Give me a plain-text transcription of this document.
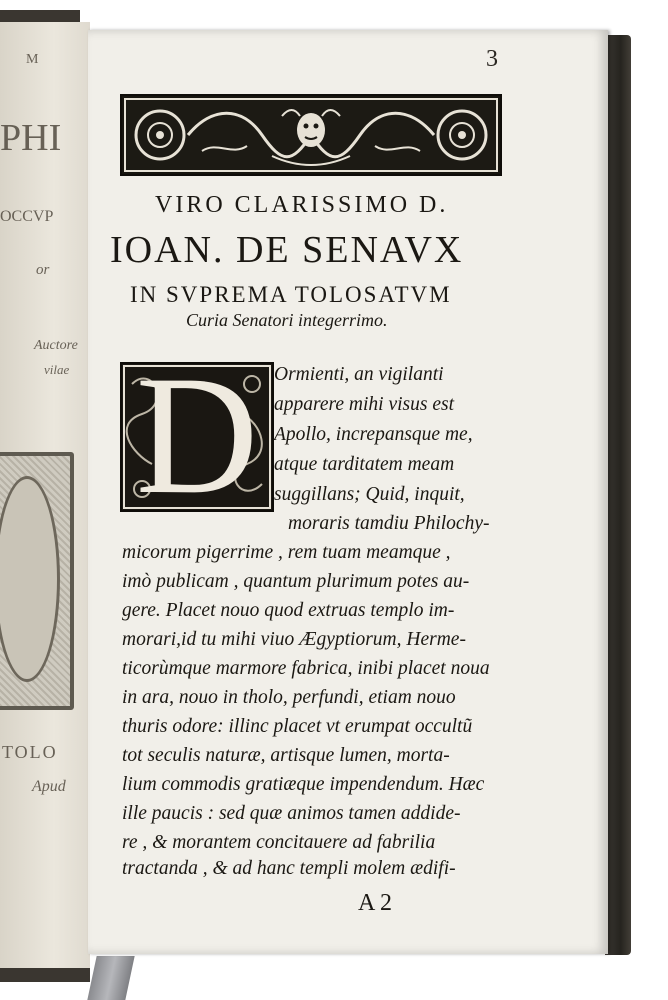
M
PHI
OCCVP
or
Auctore
vilae
TOLO
Apud
3
VIRO CLARISSIMO D.
IOAN. DE SENAVX
IN SVPREMA TOLOSATVM
Curia Senatori integerrimo.
D Ormienti, an vigilanti
apparere mihi visus est
Apollo, increpansque me,
atque tarditatem meam
suggillans; Quid, inquit,
moraris tamdiu Philochy-
micorum pigerrime , rem tuam meamque ,
imò publicam , quantum plurimum potes au-
gere. Placet nouo quod extruas templo im-
morari,id tu mihi viuo Ægyptiorum, Herme-
ticorùmque marmore fabrica, inibi placet noua
in ara, nouo in tholo, perfundi, etiam nouo
thuris odore: illinc placet vt erumpat occultũ
tot seculis naturæ, artisque lumen, morta-
lium commodis gratiæque impendendum. Hæc
ille paucis : sed quæ animos tamen addide-
re , & morantem concitauere ad fabrilia
tractanda , & ad hanc templi molem ædifi-
A 2
